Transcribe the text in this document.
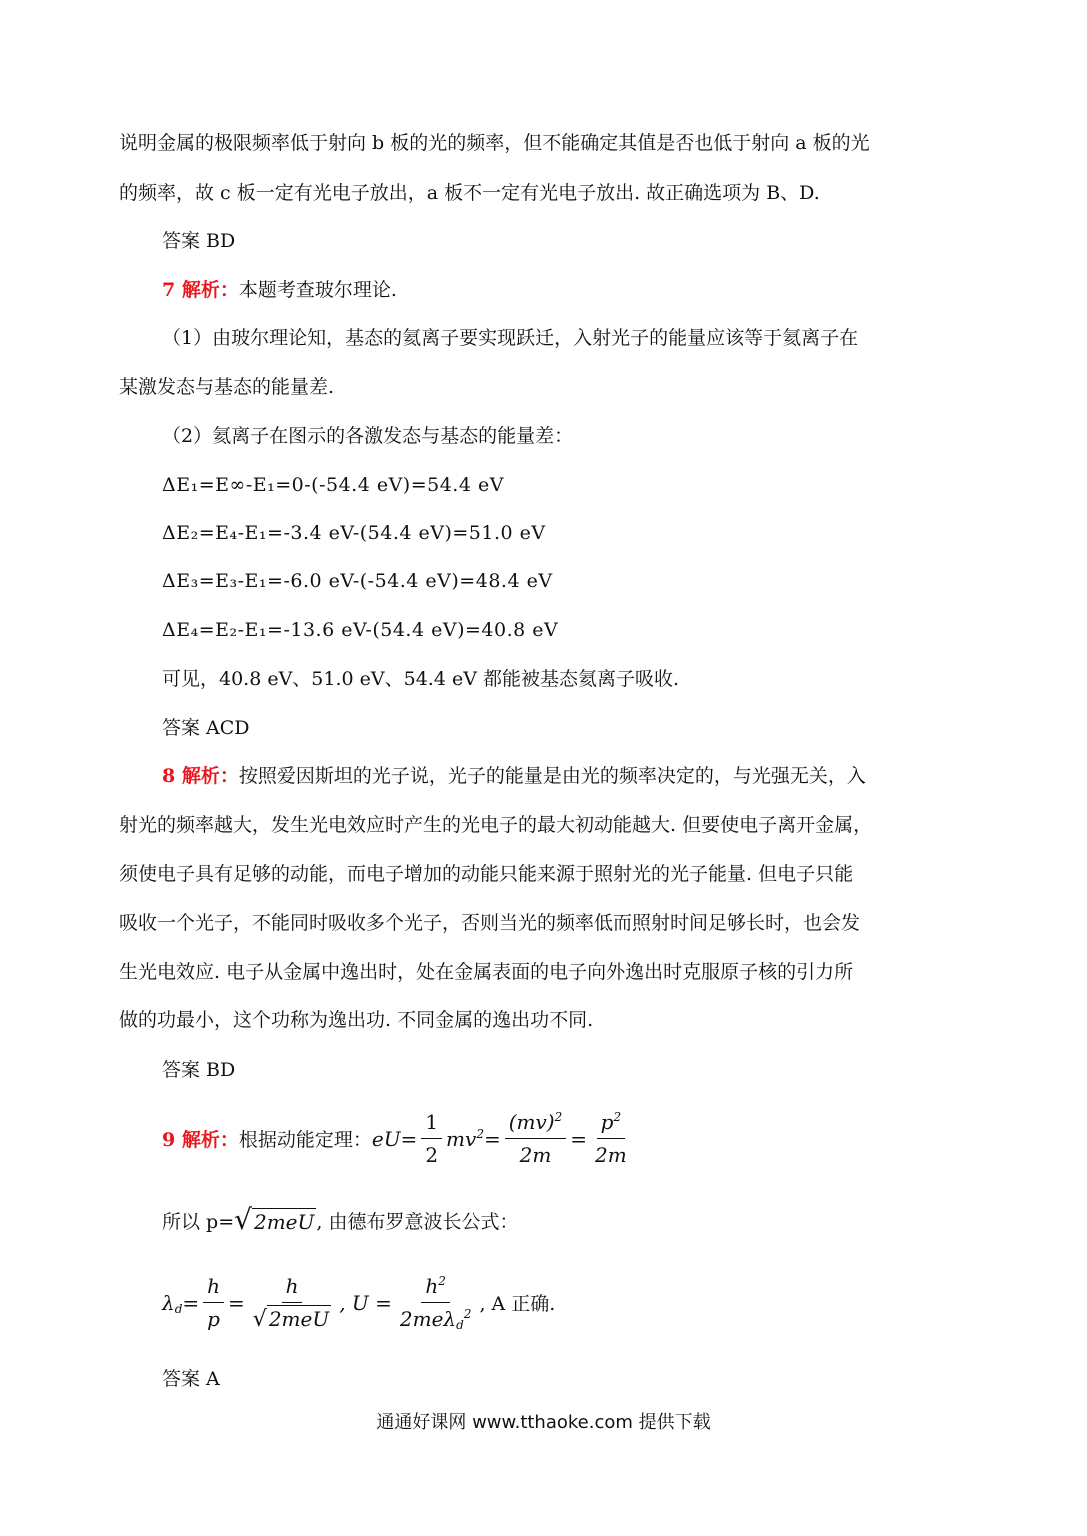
说明金属的极限频率低于射向 b 板的光的频率，但不能确定其值是否也低于射向 a 板的光
的频率，故 c 板一定有光电子放出，a 板不一定有光电子放出. 故正确选项为 B、D.
答案 BD
7 解析：本题考查玻尔理论.
（1）由玻尔理论知，基态的氦离子要实现跃迁，入射光子的能量应该等于氦离子在
某激发态与基态的能量差.
（2）氦离子在图示的各激发态与基态的能量差：
ΔE₁=E∞-E₁=0-(-54.4 eV)=54.4 eV
ΔE₂=E₄-E₁=-3.4 eV-(54.4 eV)=51.0 eV
ΔE₃=E₃-E₁=-6.0 eV-(-54.4 eV)=48.4 eV
ΔE₄=E₂-E₁=-13.6 eV-(54.4 eV)=40.8 eV
可见，40.8 eV、51.0 eV、54.4 eV 都能被基态氦离子吸收.
答案 ACD
8 解析：按照爱因斯坦的光子说，光子的能量是由光的频率决定的，与光强无关，入
射光的频率越大，发生光电效应时产生的光电子的最大初动能越大. 但要使电子离开金属，
须使电子具有足够的动能，而电子增加的动能只能来源于照射光的光子能量. 但电子只能
吸收一个光子，不能同时吸收多个光子，否则当光的频率低而照射时间足够长时，也会发
生光电效应. 电子从金属中逸出时，处在金属表面的电子向外逸出时克服原子核的引力所
做的功最小，这个功称为逸出功. 不同金属的逸出功不同.
答案 BD
9 解析： 根据动能定理： $eU= \frac{1}{2} mv^2= \frac{(mv)^2}{2m} = \frac{p^2}{2m}$
所以 p= √ 2meU , 由德布罗意波长公式：
$\lambda_d= \frac{h}{p} = \frac{h}{\text{√ 2meU}}$ , $U = \frac{h^2}{2me\lambda_d^2}$ , A 正确.
答案 A
通通好课网 www.tthaoke.com 提供下载
